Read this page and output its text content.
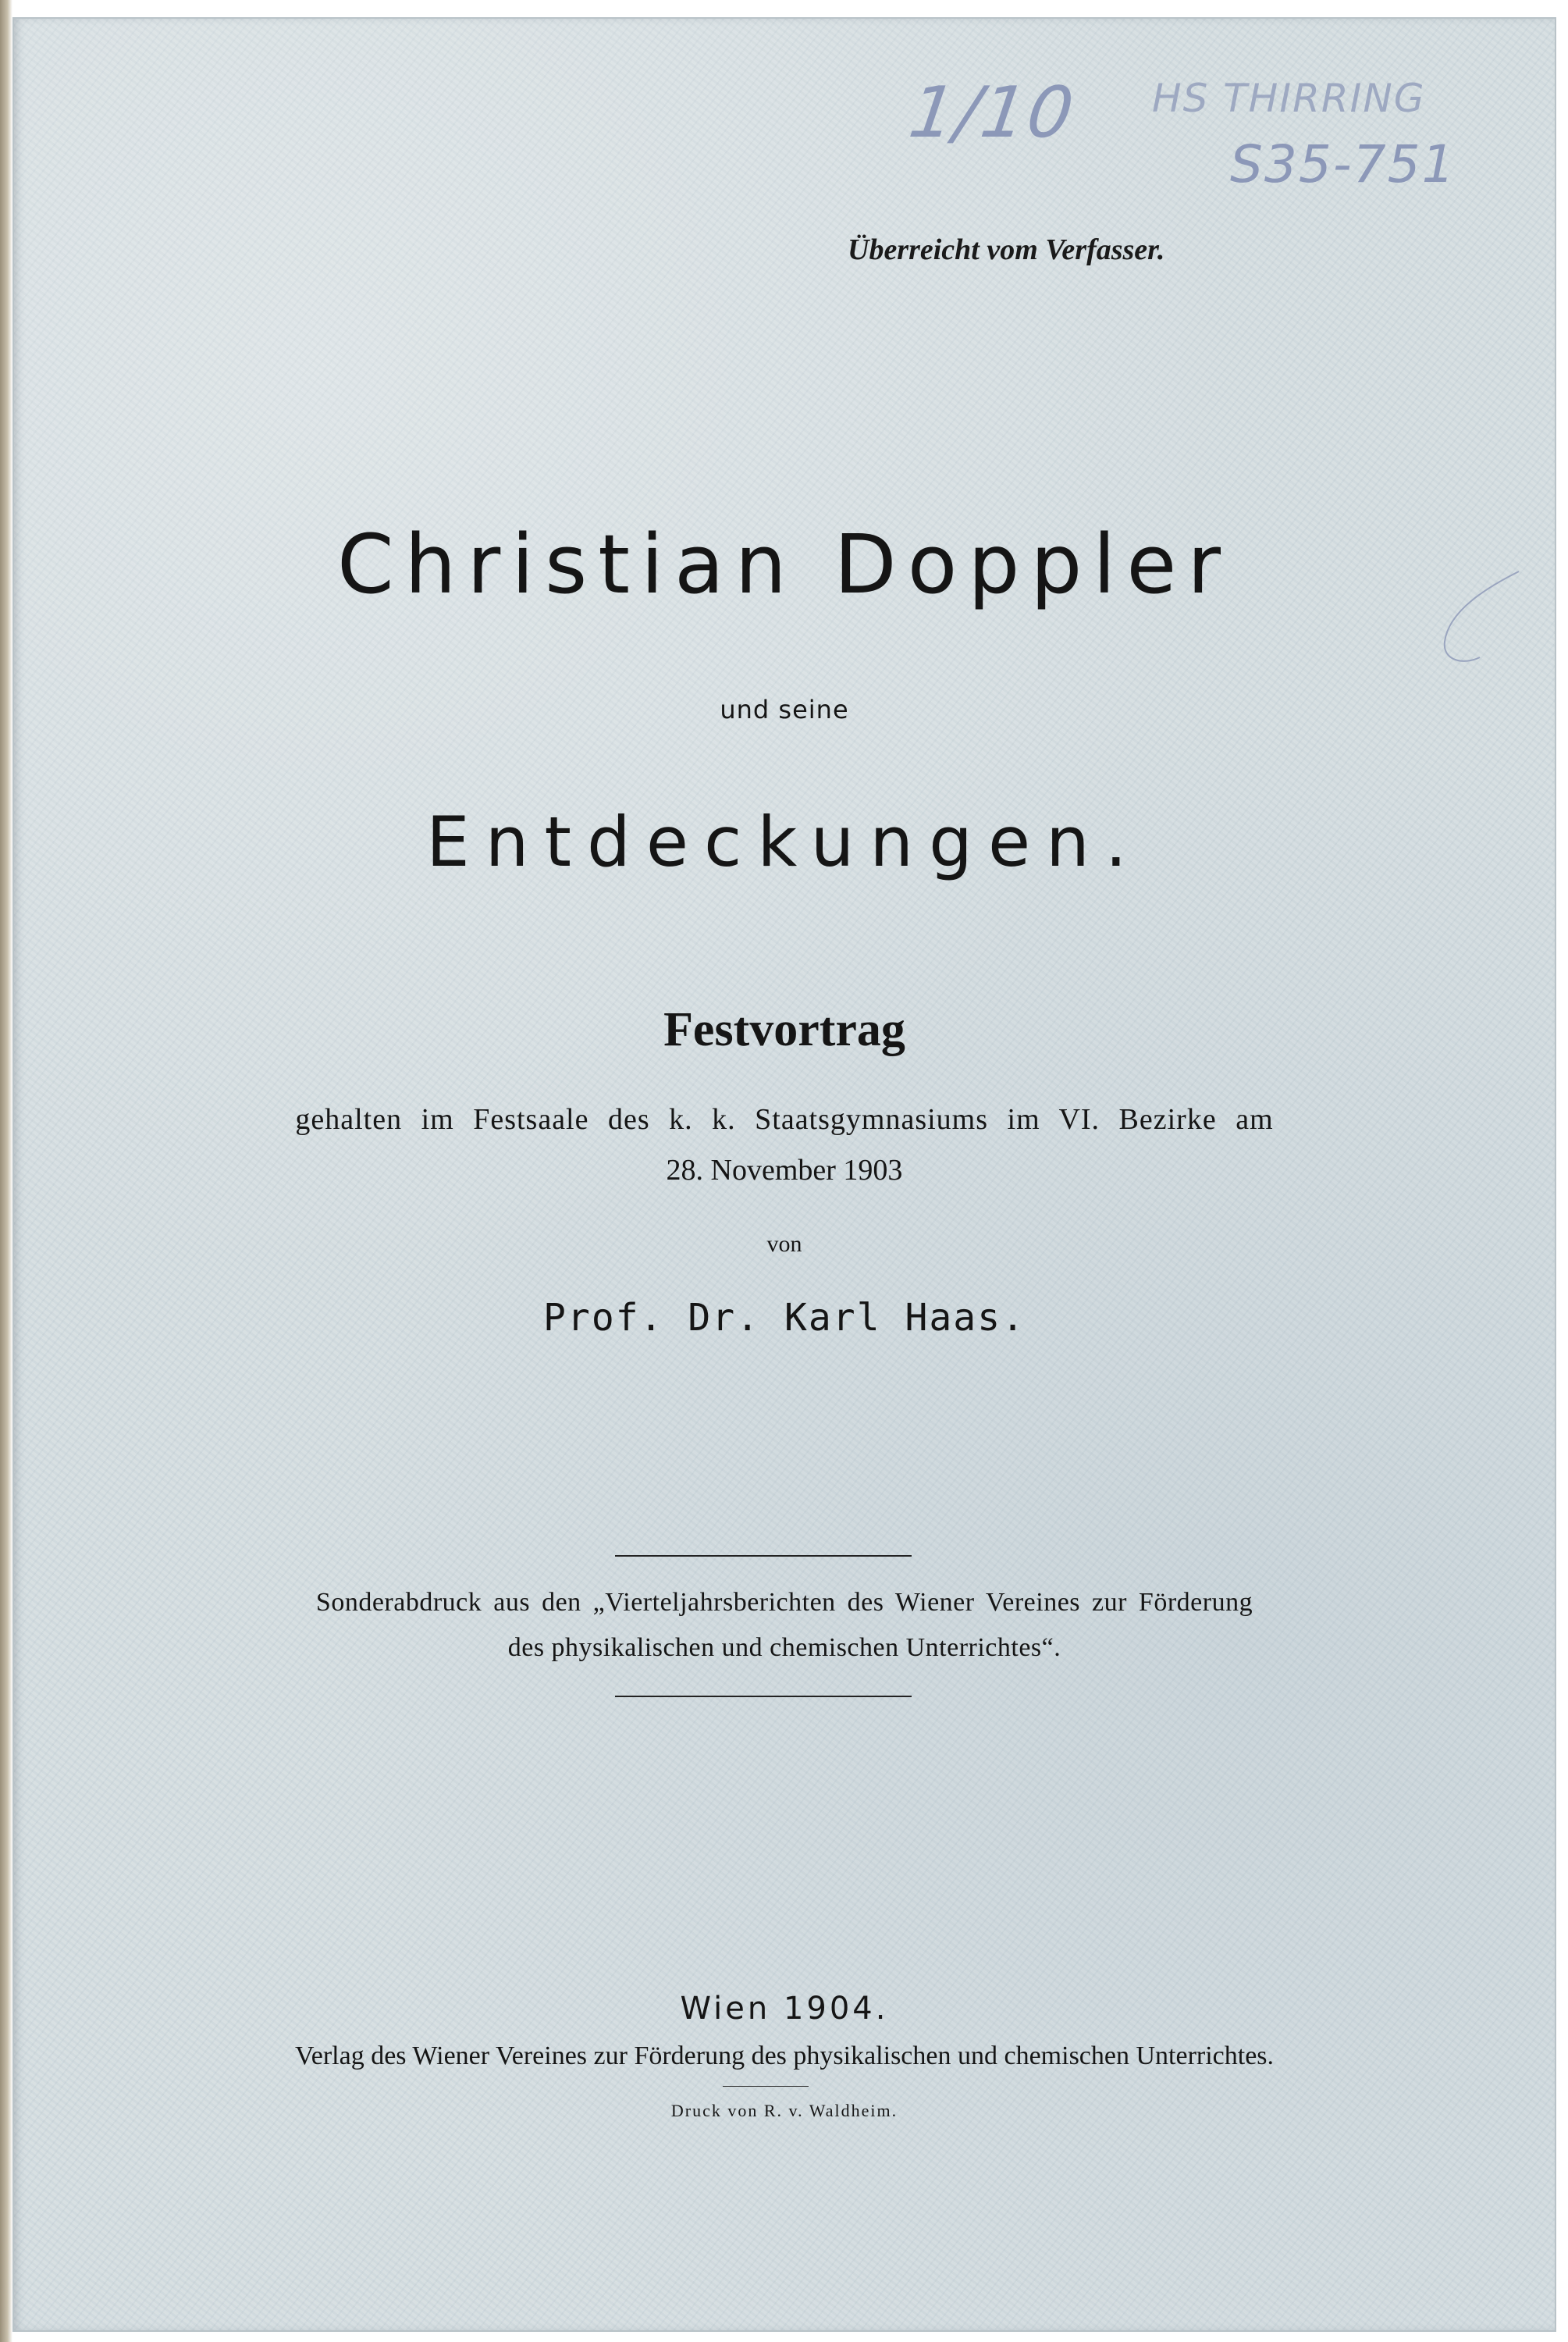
1/10 HS THIRRING
S35-751
Überreicht vom Verfasser.
Christian Doppler
und seine
Entdeckungen.
Festvortrag
gehalten im Festsaale des k. k. Staatsgymnasiums im VI. Bezirke am
28. November 1903
von
Prof. Dr. Karl Haas.
Sonderabdruck aus den „Vierteljahrsberichten des Wiener Vereines zur Förderung
des physikalischen und chemischen Unterrichtes“.
Wien 1904.
Verlag des Wiener Vereines zur Förderung des physikalischen und chemischen Unterrichtes.
Druck von R. v. Waldheim.
